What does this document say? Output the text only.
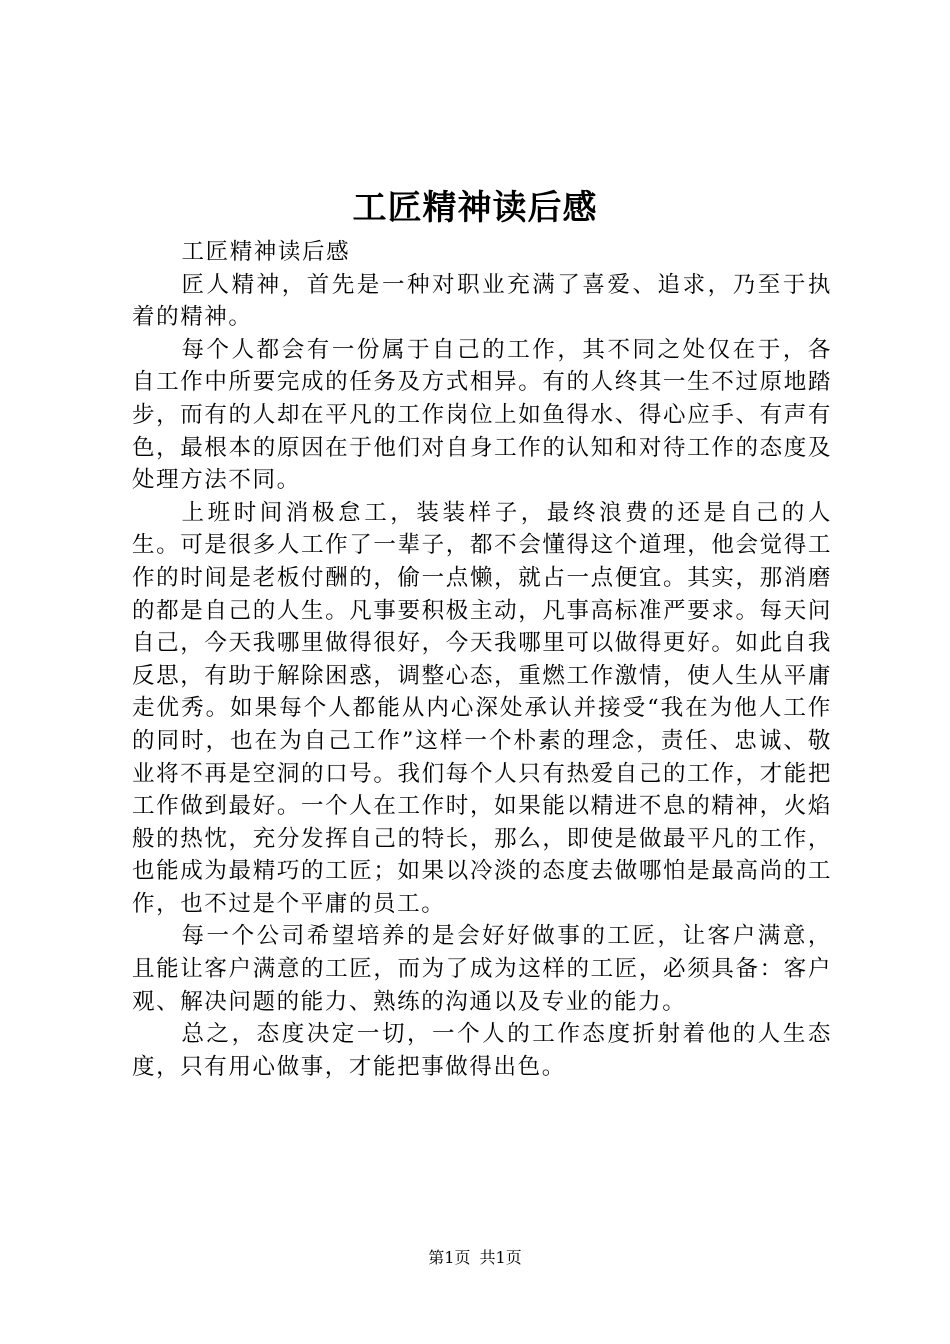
工匠精神读后感

工匠精神读后感

匠人精神，首先是一种对职业充满了喜爱、追求，乃至于执着的精神。

每个人都会有一份属于自己的工作，其不同之处仅在于，各自工作中所要完成的任务及方式相异。有的人终其一生不过原地踏步，而有的人却在平凡的工作岗位上如鱼得水、得心应手、有声有色，最根本的原因在于他们对自身工作的认知和对待工作的态度及处理方法不同。

上班时间消极怠工，装装样子，最终浪费的还是自己的人生。可是很多人工作了一辈子，都不会懂得这个道理，他会觉得工作的时间是老板付酬的，偷一点懒，就占一点便宜。其实，那消磨的都是自己的人生。凡事要积极主动，凡事高标准严要求。每天问自己，今天我哪里做得很好，今天我哪里可以做得更好。如此自我反思，有助于解除困惑，调整心态，重燃工作激情，使人生从平庸走优秀。如果每个人都能从内心深处承认并接受“我在为他人工作的同时，也在为自己工作”这样一个朴素的理念，责任、忠诚、敬业将不再是空洞的口号。我们每个人只有热爱自己的工作，才能把工作做到最好。一个人在工作时，如果能以精进不息的精神，火焰般的热忱，充分发挥自己的特长，那么，即使是做最平凡的工作，也能成为最精巧的工匠；如果以冷淡的态度去做哪怕是最高尚的工作，也不过是个平庸的员工。

每一个公司希望培养的是会好好做事的工匠，让客户满意，且能让客户满意的工匠，而为了成为这样的工匠，必须具备：客户观、解决问题的能力、熟练的沟通以及专业的能力。

总之，态度决定一切，一个人的工作态度折射着他的人生态度，只有用心做事，才能把事做得出色。

第1页 共1页
